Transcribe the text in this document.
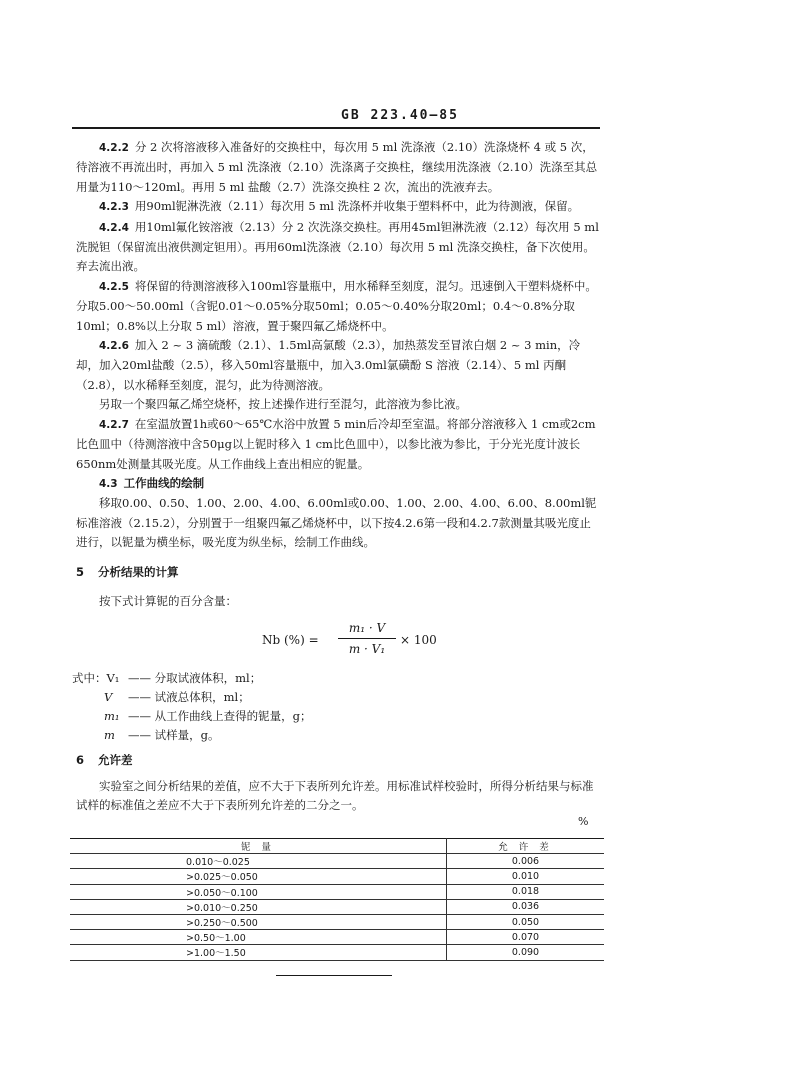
GB 223.40—85

4.2.2 分 2 次将溶液移入准备好的交换柱中，每次用 5 ml 洗涤液（2.10）洗涤烧杯 4 或 5 次，待溶液不再流出时，再加入 5 ml 洗涤液（2.10）洗涤离子交换柱，继续用洗涤液（2.10）洗涤至其总用量为110～120ml。再用 5 ml 盐酸（2.7）洗涤交换柱 2 次，流出的洗液弃去。

4.2.3 用90ml铌淋洗液（2.11）每次用 5 ml 洗涤杯并收集于塑料杯中，此为待测液，保留。

4.2.4 用10ml氟化铵溶液（2.13）分 2 次洗涤交换柱。再用45ml钽淋洗液（2.12）每次用 5 ml 洗脱钽（保留流出液供测定钽用）。再用60ml洗涤液（2.10）每次用 5 ml 洗涤交换柱，备下次使用。弃去流出液。

4.2.5 将保留的待测溶液移入100ml容量瓶中，用水稀释至刻度，混匀。迅速倒入干塑料烧杯中。分取5.00～50.00ml（含铌0.01～0.05%分取50ml；0.05～0.40%分取20ml；0.4～0.8%分取10ml；0.8%以上分取 5 ml）溶液，置于聚四氟乙烯烧杯中。

4.2.6 加入 2 ~ 3 滴硫酸（2.1）、1.5ml高氯酸（2.3），加热蒸发至冒浓白烟 2 ~ 3 min，冷却，加入20ml盐酸（2.5），移入50ml容量瓶中，加入3.0ml氯磺酚 S 溶液（2.14）、5 ml 丙酮（2.8），以水稀释至刻度，混匀，此为待测溶液。

另取一个聚四氟乙烯空烧杯，按上述操作进行至混匀，此溶液为参比液。

4.2.7 在室温放置1h或60～65℃水浴中放置 5 min后冷却至室温。将部分溶液移入 1 cm或2cm比色皿中（待测溶液中含50μg以上铌时移入 1 cm比色皿中），以参比液为参比，于分光光度计波长650nm处测量其吸光度。从工作曲线上查出相应的铌量。

4.3 工作曲线的绘制

移取0.00、0.50、1.00、2.00、4.00、6.00ml或0.00、1.00、2.00、4.00、6.00、8.00ml铌标准溶液（2.15.2），分别置于一组聚四氟乙烯烧杯中，以下按4.2.6第一段和4.2.7款测量其吸光度止进行，以铌量为横坐标，吸光度为纵坐标，绘制工作曲线。

5 分析结果的计算

按下式计算铌的百分含量：

Nb (%) =
m₁ · V
m · V₁
× 100
式中：V₁ —— 分取试液体积，ml；
V —— 试液总体积，ml；
m₁ —— 从工作曲线上查得的铌量，g；
m —— 试样量，g。

6 允许差

实验室之间分析结果的差值，应不大于下表所列允许差。用标准试样校验时，所得分析结果与标准试样的标准值之差应不大于下表所列允许差的二分之一。

%
铌 量	允 许 差
0.010～0.025	0.006
>0.025～0.050	0.010
>0.050～0.100	0.018
>0.010～0.250	0.036
>0.250～0.500	0.050
>0.50～1.00	0.070
>1.00～1.50	0.090
